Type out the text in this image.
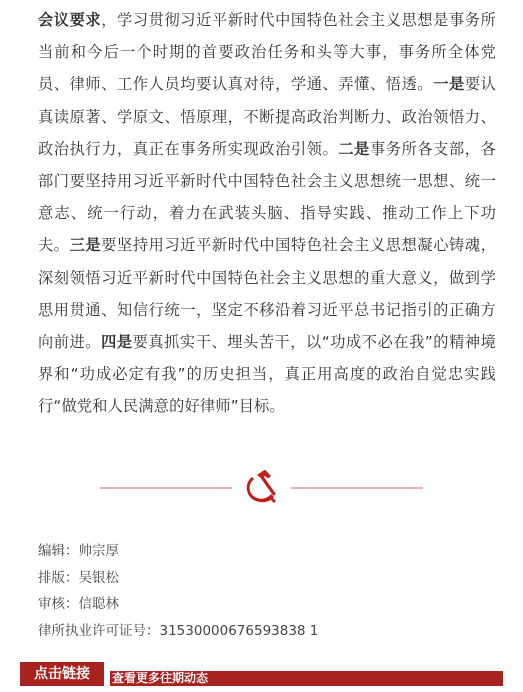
会议要求，学习贯彻习近平新时代中国特色社会主义思想是事务所当前和今后一个时期的首要政治任务和头等大事，事务所全体党员、律师、工作人员均要认真对待，学通、弄懂、悟透。一是要认真读原著、学原文、悟原理，不断提高政治判断力、政治领悟力、政治执行力，真正在事务所实现政治引领。二是事务所各支部，各部门要坚持用习近平新时代中国特色社会主义思想统一思想、统一意志、统一行动，着力在武装头脑、指导实践、推动工作上下功夫。三是要坚持用习近平新时代中国特色社会主义思想凝心铸魂，深刻领悟习近平新时代中国特色社会主义思想的重大意义，做到学思用贯通、知信行统一，坚定不移沿着习近平总书记指引的正确方向前进。四是要真抓实干、埋头苦干，以“功成不必在我”的精神境界和“功成必定有我”的历史担当，真正用高度的政治自觉忠实践行“做党和人民满意的好律师”目标。

编辑：帅宗厚
排版：吴银松
审核：信聪林
律所执业许可证号：31530000676593838 1
点击链接	查看更多往期动态
